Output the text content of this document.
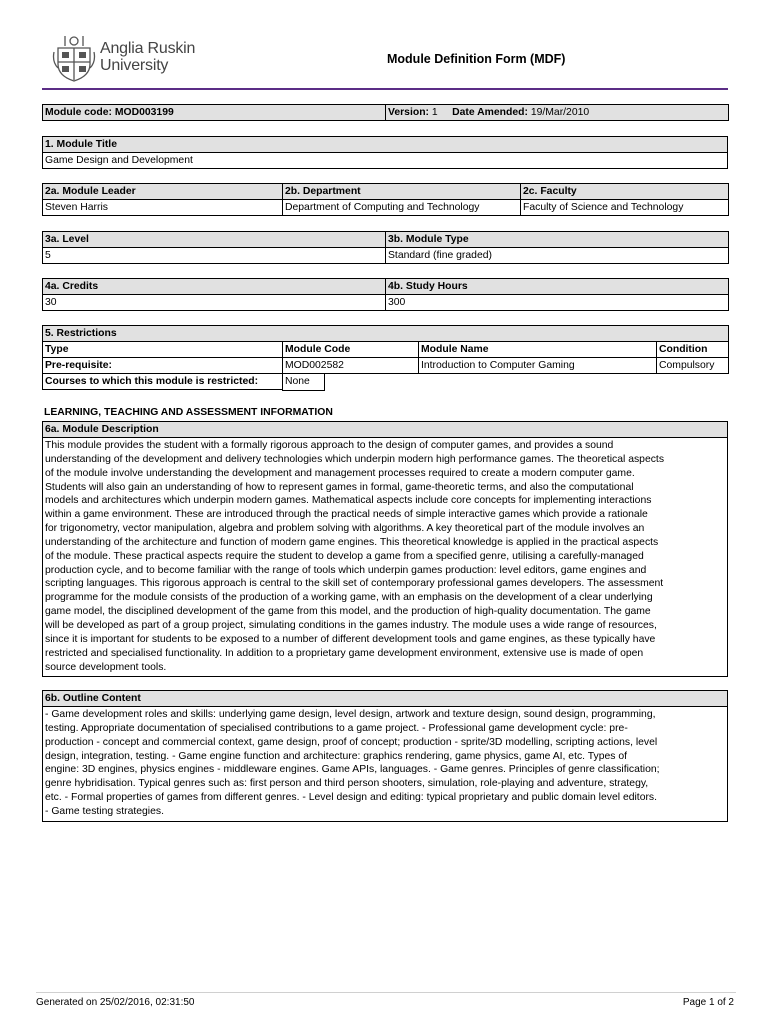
Anglia Ruskin
University	Module Definition Form (MDF)
Module code: MOD003199	Version: 1 Date Amended: 19/Mar/2010
1. Module Title
Game Design and Development
2a. Module Leader	2b. Department	2c. Faculty
Steven Harris	Department of Computing and Technology	Faculty of Science and Technology
3a. Level	3b. Module Type
5	Standard (fine graded)
4a. Credits	4b. Study Hours
30	300
5. Restrictions			
Type	Module Code	Module Name	Condition
Pre-requisite:	MOD002582	Introduction to Computer Gaming	Compulsory
Courses to which this module is restricted:	None		
LEARNING, TEACHING AND ASSESSMENT INFORMATION
6a. Module Description
This module provides the student with a formally rigorous approach to the design of computer games, and provides a sound
understanding of the development and delivery technologies which underpin modern high performance games. The theoretical aspects
of the module involve understanding the development and management processes required to create a modern computer game.
Students will also gain an understanding of how to represent games in formal, game-theoretic terms, and also the computational
models and architectures which underpin modern games. Mathematical aspects include core concepts for implementing interactions
within a game environment. These are introduced through the practical needs of simple interactive games which provide a rationale
for trigonometry, vector manipulation, algebra and problem solving with algorithms. A key theoretical part of the module involves an
understanding of the architecture and function of modern game engines. This theoretical knowledge is applied in the practical aspects
of the module. These practical aspects require the student to develop a game from a specified genre, utilising a carefully-managed
production cycle, and to become familiar with the range of tools which underpin games production: level editors, game engines and
scripting languages. This rigorous approach is central to the skill set of contemporary professional games developers. The assessment
programme for the module consists of the production of a working game, with an emphasis on the development of a clear underlying
game model, the disciplined development of the game from this model, and the production of high-quality documentation. The game
will be developed as part of a group project, simulating conditions in the games industry. The module uses a wide range of resources,
since it is important for students to be exposed to a number of different development tools and game engines, as these typically have
restricted and specialised functionality. In addition to a proprietary game development environment, extensive use is made of open
source development tools.
6b. Outline Content
- Game development roles and skills: underlying game design, level design, artwork and texture design, sound design, programming,
testing. Appropriate documentation of specialised contributions to a game project. - Professional game development cycle: pre-
production - concept and commercial context, game design, proof of concept; production - sprite/3D modelling, scripting actions, level
design, integration, testing. - Game engine function and architecture: graphics rendering, game physics, game AI, etc. Types of
engine: 3D engines, physics engines - middleware engines. Game APIs, languages. - Game genres. Principles of genre classification;
genre hybridisation. Typical genres such as: first person and third person shooters, simulation, role-playing and adventure, strategy,
etc. - Formal properties of games from different genres. - Level design and editing: typical proprietary and public domain level editors.
- Game testing strategies.
Generated on 25/02/2016, 02:31:50	Page 1 of 2
